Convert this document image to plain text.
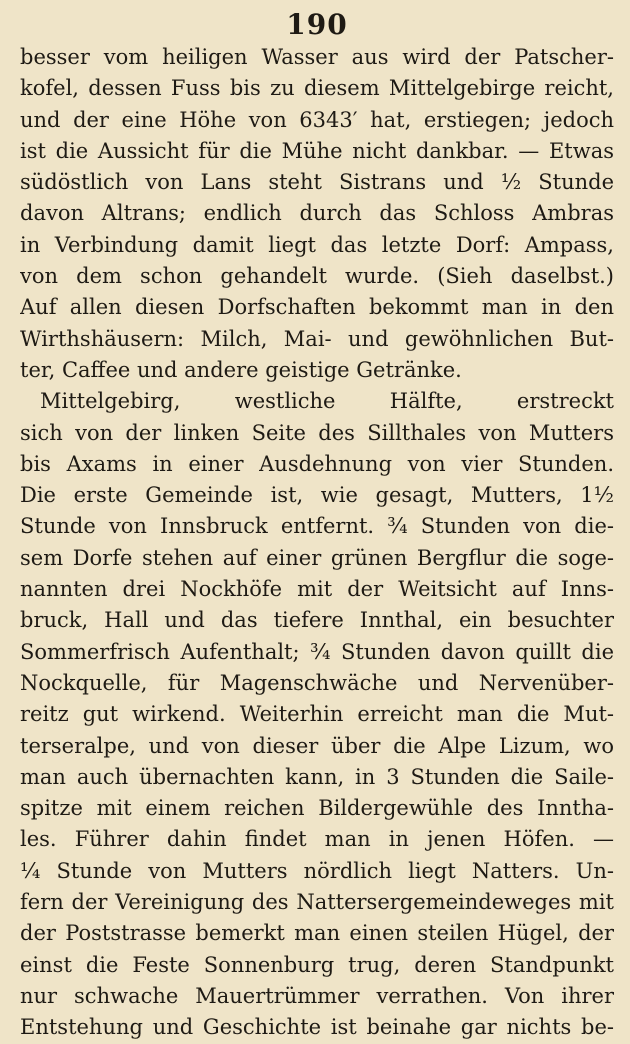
190
besser vom heiligen Wasser aus wird der Patscher-
kofel, dessen Fuss bis zu diesem Mittelgebirge reicht,
und der eine Höhe von 6343′ hat, erstiegen; jedoch
ist die Aussicht für die Mühe nicht dankbar. — Etwas
südöstlich von Lans steht Sistrans und ½ Stunde
davon Altrans; endlich durch das Schloss Ambras
in Verbindung damit liegt das letzte Dorf: Ampass,
von dem schon gehandelt wurde. (Sieh daselbst.)
Auf allen diesen Dorfschaften bekommt man in den
Wirthshäusern: Milch, Mai- und gewöhnlichen But-
ter, Caffee und andere geistige Getränke.
Mittelgebirg, westliche Hälfte, erstreckt
sich von der linken Seite des Sillthales von Mutters
bis Axams in einer Ausdehnung von vier Stunden.
Die erste Gemeinde ist, wie gesagt, Mutters, 1½
Stunde von Innsbruck entfernt. ¾ Stunden von die-
sem Dorfe stehen auf einer grünen Bergflur die soge-
nannten drei Nockhöfe mit der Weitsicht auf Inns-
bruck, Hall und das tiefere Innthal, ein besuchter
Sommerfrisch Aufenthalt; ¾ Stunden davon quillt die
Nockquelle, für Magenschwäche und Nervenüber-
reitz gut wirkend. Weiterhin erreicht man die Mut-
terseralpe, und von dieser über die Alpe Lizum, wo
man auch übernachten kann, in 3 Stunden die Saile-
spitze mit einem reichen Bildergewühle des Inntha-
les. Führer dahin findet man in jenen Höfen. —
¼ Stunde von Mutters nördlich liegt Natters. Un-
fern der Vereinigung des Nattersergemeindeweges mit
der Poststrasse bemerkt man einen steilen Hügel, der
einst die Feste Sonnenburg trug, deren Standpunkt
nur schwache Mauertrümmer verrathen. Von ihrer
Entstehung und Geschichte ist beinahe gar nichts be-
